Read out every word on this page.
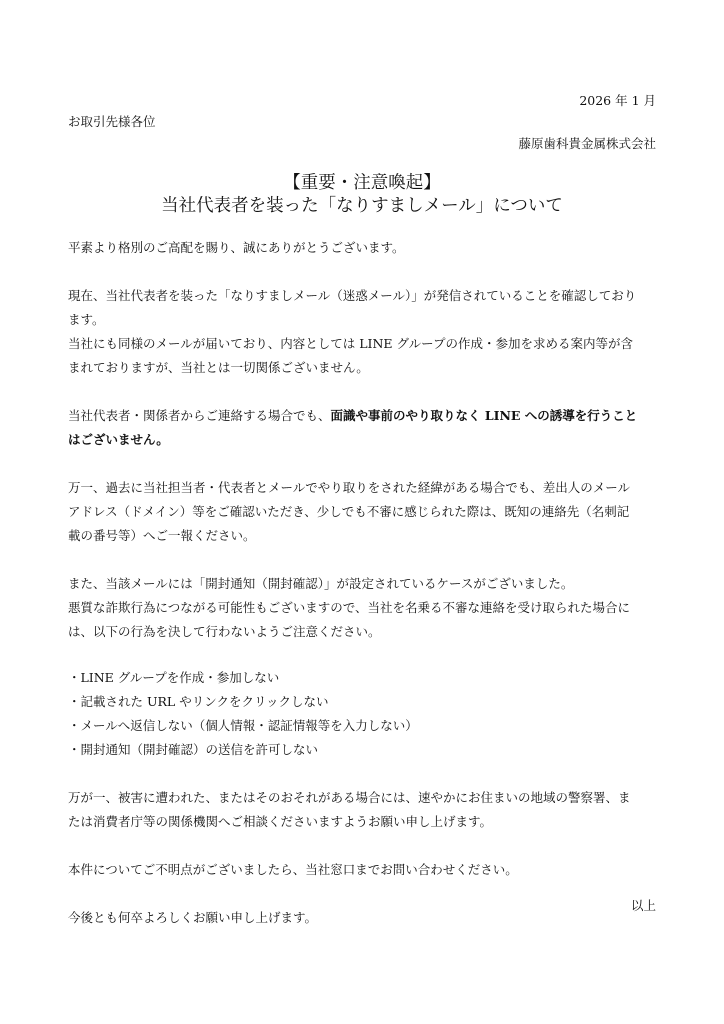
2026 年 1 月
お取引先様各位
藤原歯科貴金属株式会社
【重要・注意喚起】
当社代表者を装った「なりすましメール」について

平素より格別のご高配を賜り、誠にありがとうございます。

現在、当社代表者を装った「なりすましメール（迷惑メール）」が発信されていることを確認しており
ます。
当社にも同様のメールが届いており、内容としては LINE グループの作成・参加を求める案内等が含
まれておりますが、当社とは一切関係ございません。

当社代表者・関係者からご連絡する場合でも、面識や事前のやり取りなく LINE への誘導を行うこと
はございません。

万一、過去に当社担当者・代表者とメールでやり取りをされた経緯がある場合でも、差出人のメール
アドレス（ドメイン）等をご確認いただき、少しでも不審に感じられた際は、既知の連絡先（名刺記
載の番号等）へご一報ください。

また、当該メールには「開封通知（開封確認）」が設定されているケースがございました。
悪質な詐欺行為につながる可能性もございますので、当社を名乗る不審な連絡を受け取られた場合に
は、以下の行為を決して行わないようご注意ください。

・LINE グループを作成・参加しない
・記載された URL やリンクをクリックしない
・メールへ返信しない（個人情報・認証情報等を入力しない）
・開封通知（開封確認）の送信を許可しない

万が一、被害に遭われた、またはそのおそれがある場合には、速やかにお住まいの地域の警察署、ま
たは消費者庁等の関係機関へご相談くださいますようお願い申し上げます。

本件についてご不明点がございましたら、当社窓口までお問い合わせください。

今後とも何卒よろしくお願い申し上げます。

以上
